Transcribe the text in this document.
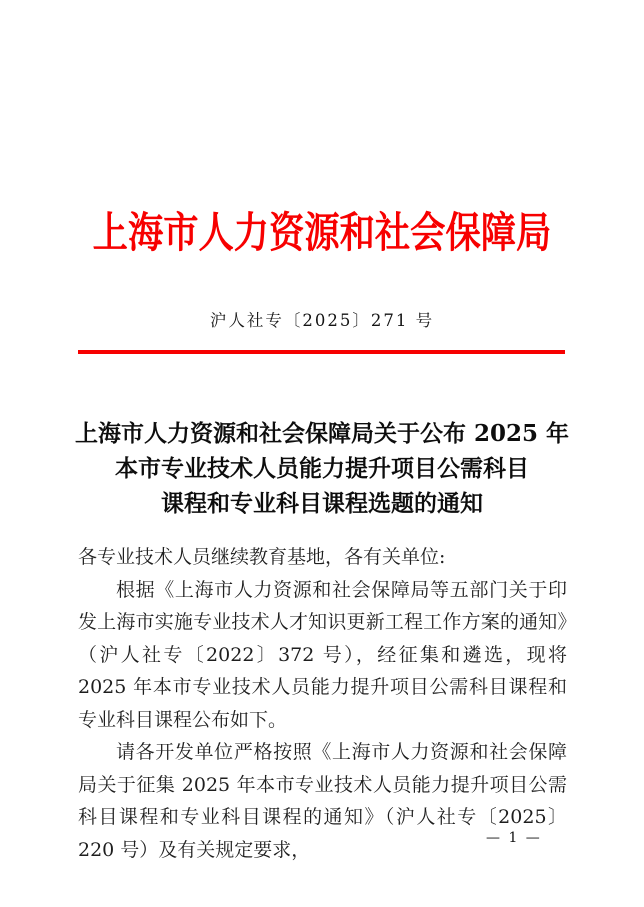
上海市人力资源和社会保障局
沪人社专〔2025〕271 号
上海市人力资源和社会保障局关于公布 2025 年
本市专业技术人员能力提升项目公需科目
课程和专业科目课程选题的通知

各专业技术人员继续教育基地，各有关单位:

根据《上海市人力资源和社会保障局等五部门关于印发上海市实施专业技术人才知识更新工程工作方案的通知》（沪人社专〔2022〕372 号），经征集和遴选，现将 2025 年本市专业技术人员能力提升项目公需科目课程和专业科目课程公布如下。

请各开发单位严格按照《上海市人力资源和社会保障局关于征集 2025 年本市专业技术人员能力提升项目公需科目课程和专业科目课程的通知》（沪人社专〔2025〕220 号）及有关规定要求，

— 1 —
